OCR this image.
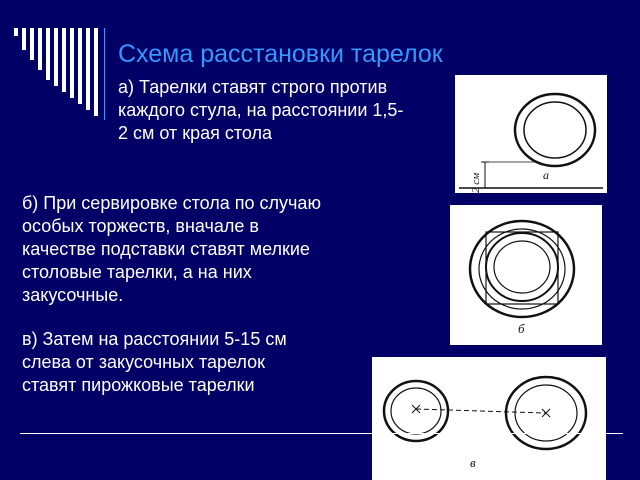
Схема расстановки тарелок
а) Тарелки ставят строго против каждого стула, на расстоянии 1,5-2 см от края стола
б) При сервировке стола по случаю особых торжеств, вначале в качестве подставки ставят мелкие столовые тарелки, а на них закусочные.
в) Затем на расстоянии 5-15 см слева от закусочных тарелок ставят пирожковые тарелки
2 см	а
б
в
